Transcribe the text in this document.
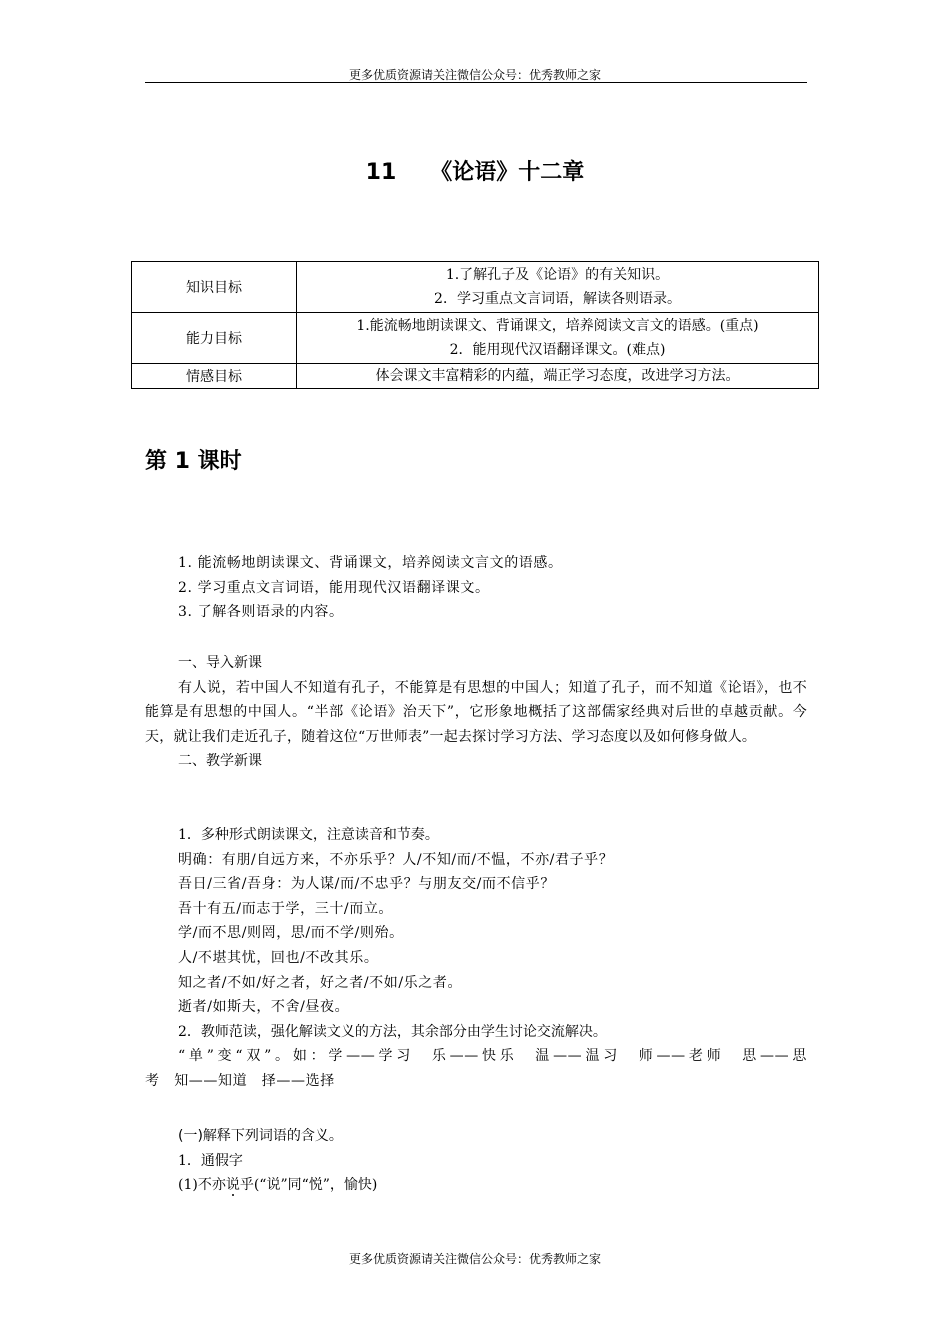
更多优质资源请关注微信公众号：优秀教师之家
11 《论语》十二章
知识目标	1.了解孔子及《论语》的有关知识。
2．学习重点文言词语，解读各则语录。

能力目标	1.能流畅地朗读课文、背诵课文，培养阅读文言文的语感。(重点)
2．能用现代汉语翻译课文。(难点)

情感目标	体会课文丰富精彩的内蕴，端正学习态度，改进学习方法。
第 1 课时
1. 能流畅地朗读课文、背诵课文，培养阅读文言文的语感。
2. 学习重点文言词语，能用现代汉语翻译课文。
3. 了解各则语录的内容。
一、导入新课
有人说，若中国人不知道有孔子，不能算是有思想的中国人；知道了孔子，而不知道《论语》，也不能算是有思想的中国人。“半部《论语》治天下”，它形象地概括了这部儒家经典对后世的卓越贡献。今天，就让我们走近孔子，随着这位“万世师表”一起去探讨学习方法、学习态度以及如何修身做人。
二、教学新课
1．多种形式朗读课文，注意读音和节奏。
明确：有朋/自远方来，不亦乐乎？人/不知/而/不愠，不亦/君子乎？
吾日/三省/吾身：为人谋/而/不忠乎？与朋友交/而不信乎？
吾十有五/而志于学，三十/而立。
学/而不思/则罔，思/而不学/则殆。
人/不堪其忧，回也/不改其乐。
知之者/不如/好之者，好之者/不如/乐之者。
逝者/如斯夫，不舍/昼夜。
2．教师范读，强化解读文义的方法，其余部分由学生讨论交流解决。
“单”变“双”。如：学——学习　乐——快乐　温——温习　师——老师　思——思
考　知——知道　择——选择
(一)解释下列词语的含义。
1．通假字
(1)不亦说乎(“说”同“悦”，愉快)
更多优质资源请关注微信公众号：优秀教师之家
